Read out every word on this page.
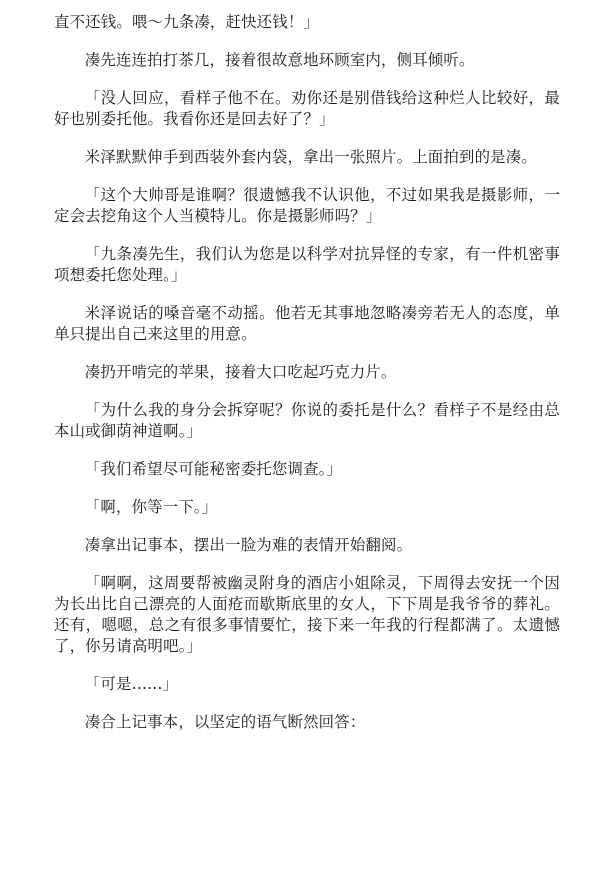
直不还钱。喂～九条凑，赶快还钱！」

凑先连连拍打茶几，接着很故意地环顾室内，侧耳倾听。

「没人回应，看样子他不在。劝你还是别借钱给这种烂人比较好，最好也别委托他。我看你还是回去好了？」

米泽默默伸手到西装外套内袋，拿出一张照片。上面拍到的是凑。

「这个大帅哥是谁啊？很遗憾我不认识他，不过如果我是摄影师，一定会去挖角这个人当模特儿。你是摄影师吗？」

「九条凑先生，我们认为您是以科学对抗异怪的专家，有一件机密事项想委托您处理。」

米泽说话的嗓音毫不动摇。他若无其事地忽略凑旁若无人的态度，单单只提出自己来这里的用意。

凑扔开啃完的苹果，接着大口吃起巧克力片。

「为什么我的身分会拆穿呢？你说的委托是什么？看样子不是经由总本山或御荫神道啊。」

「我们希望尽可能秘密委托您调查。」

「啊，你等一下。」

凑拿出记事本，摆出一脸为难的表情开始翻阅。

「啊啊，这周要帮被幽灵附身的酒店小姐除灵，下周得去安抚一个因为长出比自己漂亮的人面疮而歇斯底里的女人，下下周是我爷爷的葬礼。还有，嗯嗯，总之有很多事情要忙，接下来一年我的行程都满了。太遗憾了，你另请高明吧。」

「可是……」

凑合上记事本，以坚定的语气断然回答：
